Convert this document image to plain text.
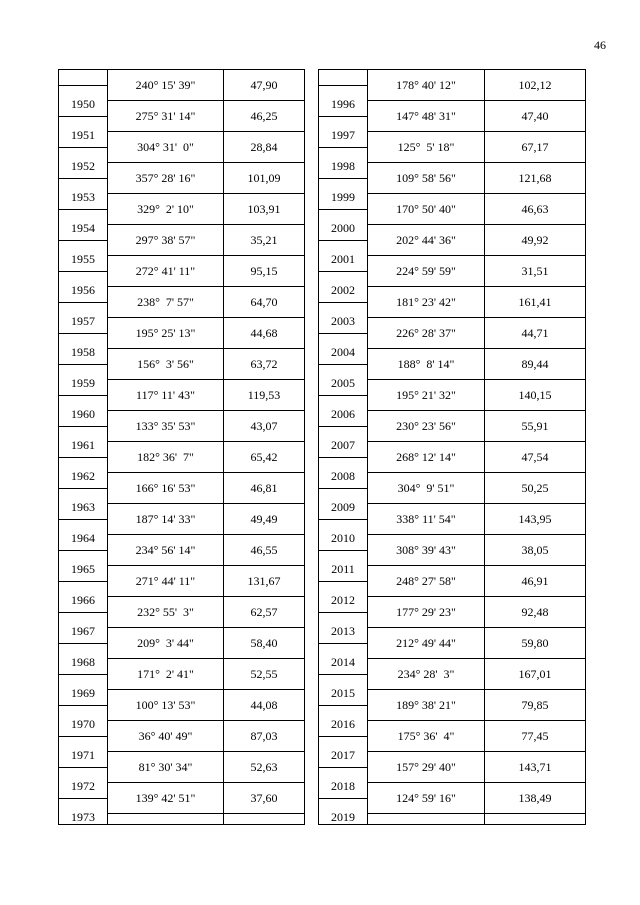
46
1950
1951
1952
1953
1954
1955
1956
1957
1958
1959
1960
1961
1962
1963
1964
1965
1966
1967
1968
1969
1970
1971
1972
1973
240° 15' 39"
275° 31' 14"
304° 31'  0"
357° 28' 16"
329°  2' 10"
297° 38' 57"
272° 41' 11"
238°  7' 57"
195° 25' 13"
156°  3' 56"
117° 11' 43"
133° 35' 53"
182° 36'  7"
166° 16' 53"
187° 14' 33"
234° 56' 14"
271° 44' 11"
232° 55'  3"
209°  3' 44"
171°  2' 41"
100° 13' 53"
36° 40' 49"
81° 30' 34"
139° 42' 51"
47,90
46,25
28,84
101,09
103,91
35,21
95,15
64,70
44,68
63,72
119,53
43,07
65,42
46,81
49,49
46,55
131,67
62,57
58,40
52,55
44,08
87,03
52,63
37,60
1996
1997
1998
1999
2000
2001
2002
2003
2004
2005
2006
2007
2008
2009
2010
2011
2012
2013
2014
2015
2016
2017
2018
2019
178° 40' 12"
147° 48' 31"
125°  5' 18"
109° 58' 56"
170° 50' 40"
202° 44' 36"
224° 59' 59"
181° 23' 42"
226° 28' 37"
188°  8' 14"
195° 21' 32"
230° 23' 56"
268° 12' 14"
304°  9' 51"
338° 11' 54"
308° 39' 43"
248° 27' 58"
177° 29' 23"
212° 49' 44"
234° 28'  3"
189° 38' 21"
175° 36'  4"
157° 29' 40"
124° 59' 16"
102,12
47,40
67,17
121,68
46,63
49,92
31,51
161,41
44,71
89,44
140,15
55,91
47,54
50,25
143,95
38,05
46,91
92,48
59,80
167,01
79,85
77,45
143,71
138,49
